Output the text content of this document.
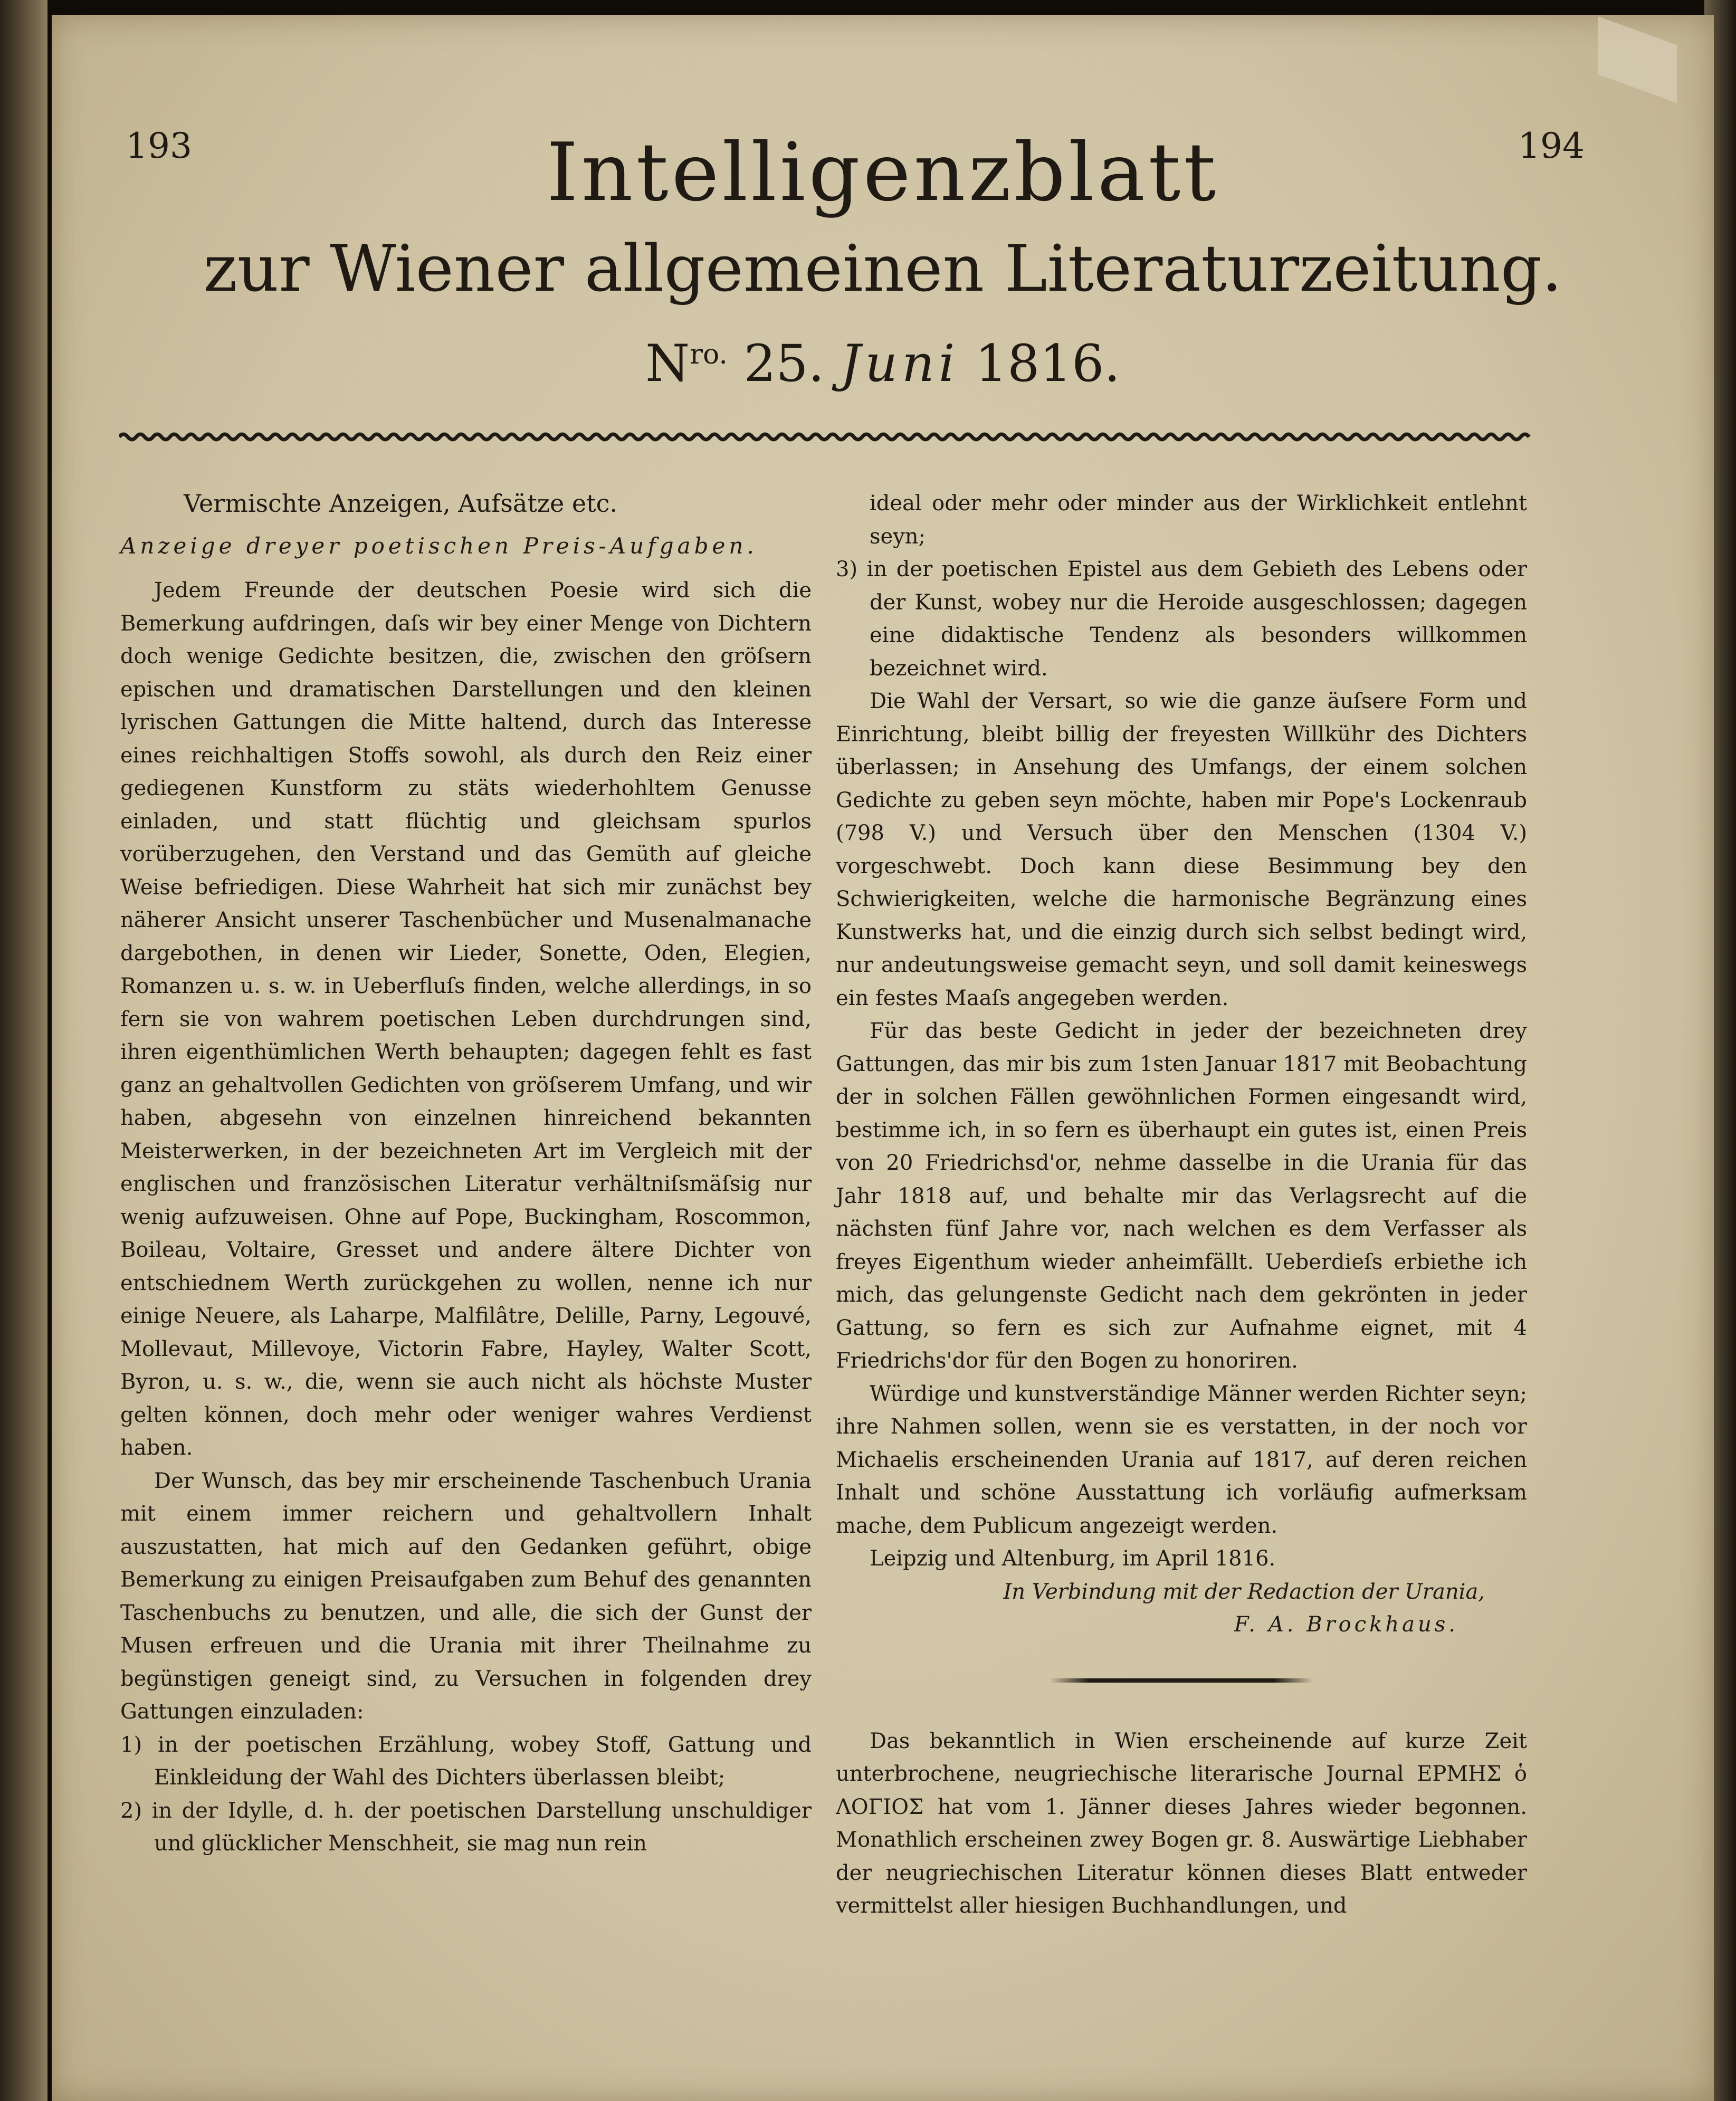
193	194
Intelligenzblatt
zur Wiener allgemeinen Literaturzeitung.
$N^{ro.}$ 25. Juni 1816.

Vermischte Anzeigen, Aufsätze etc.

Anzeige dreyer poetischen Preis-Aufgaben.

Jedem Freunde der deutschen Poesie wird sich die Bemerkung aufdringen, daſs wir bey einer Menge von Dichtern doch wenige Gedichte besitzen, die, zwischen den gröſsern epischen und dramatischen Darstellungen und den kleinen lyrischen Gattungen die Mitte haltend, durch das Interesse eines reichhaltigen Stoffs sowohl, als durch den Reiz einer gediegenen Kunstform zu stäts wiederhohltem Genusse einladen, und statt flüchtig und gleichsam spurlos vorüberzugehen, den Verstand und das Gemüth auf gleiche Weise befriedigen. Diese Wahrheit hat sich mir zunächst bey näherer Ansicht unserer Taschenbücher und Musenalmanache dargebothen, in denen wir Lieder, Sonette, Oden, Elegien, Romanzen u. s. w. in Ueberfluſs finden, welche allerdings, in so fern sie von wahrem poetischen Leben durchdrungen sind, ihren eigenthümlichen Werth behaupten; dagegen fehlt es fast ganz an gehaltvollen Gedichten von gröſserem Umfang, und wir haben, abgesehn von einzelnen hinreichend bekannten Meisterwerken, in der bezeichneten Art im Vergleich mit der englischen und französischen Literatur verhältniſsmäſsig nur wenig aufzuweisen. Ohne auf Pope, Buckingham, Roscommon, Boileau, Voltaire, Gresset und andere ältere Dichter von entschiednem Werth zurückgehen zu wollen, nenne ich nur einige Neuere, als Laharpe, Malfilâtre, Delille, Parny, Legouvé, Mollevaut, Millevoye, Victorin Fabre, Hayley, Walter Scott, Byron, u. s. w., die, wenn sie auch nicht als höchste Muster gelten können, doch mehr oder weniger wahres Verdienst haben.

Der Wunsch, das bey mir erscheinende Taschenbuch Urania mit einem immer reichern und gehaltvollern Inhalt auszustatten, hat mich auf den Gedanken geführt, obige Bemerkung zu einigen Preisaufgaben zum Behuf des genannten Taschenbuchs zu benutzen, und alle, die sich der Gunst der Musen erfreuen und die Urania mit ihrer Theilnahme zu begünstigen geneigt sind, zu Versuchen in folgenden drey Gattungen einzuladen:

1) in der poetischen Erzählung, wobey Stoff, Gattung und Einkleidung der Wahl des Dichters überlassen bleibt;

2) in der Idylle, d. h. der poetischen Darstellung unschuldiger und glücklicher Menschheit, sie mag nun rein

ideal oder mehr oder minder aus der Wirklichkeit entlehnt seyn;

3) in der poetischen Epistel aus dem Gebieth des Lebens oder der Kunst, wobey nur die Heroide ausgeschlossen; dagegen eine didaktische Tendenz als besonders willkommen bezeichnet wird.

Die Wahl der Versart, so wie die ganze äuſsere Form und Einrichtung, bleibt billig der freyesten Willkühr des Dichters überlassen; in Ansehung des Umfangs, der einem solchen Gedichte zu geben seyn möchte, haben mir Pope's Lockenraub (798 V.) und Versuch über den Menschen (1304 V.) vorgeschwebt. Doch kann diese Besimmung bey den Schwierigkeiten, welche die harmonische Begränzung eines Kunstwerks hat, und die einzig durch sich selbst bedingt wird, nur andeutungsweise gemacht seyn, und soll damit keineswegs ein festes Maaſs angegeben werden.

Für das beste Gedicht in jeder der bezeichneten drey Gattungen, das mir bis zum 1sten Januar 1817 mit Beobachtung der in solchen Fällen gewöhnlichen Formen eingesandt wird, bestimme ich, in so fern es überhaupt ein gutes ist, einen Preis von 20 Friedrichsd'or, nehme dasselbe in die Urania für das Jahr 1818 auf, und behalte mir das Verlagsrecht auf die nächsten fünf Jahre vor, nach welchen es dem Verfasser als freyes Eigenthum wieder anheimfällt. Ueberdieſs erbiethe ich mich, das gelungenste Gedicht nach dem gekrönten in jeder Gattung, so fern es sich zur Aufnahme eignet, mit 4 Friedrichs'dor für den Bogen zu honoriren.

Würdige und kunstverständige Männer werden Richter seyn; ihre Nahmen sollen, wenn sie es verstatten, in der noch vor Michaelis erscheinenden Urania auf 1817, auf deren reichen Inhalt und schöne Ausstattung ich vorläufig aufmerksam mache, dem Publicum angezeigt werden.

Leipzig und Altenburg, im April 1816.

In Verbindung mit der Redaction der Urania,

F. A. Brockhaus.

Das bekanntlich in Wien erscheinende auf kurze Zeit unterbrochene, neugriechische literarische Journal ΕΡΜΗΣ ὁ ΛΟΓΙΟΣ hat vom 1. Jänner dieses Jahres wieder begonnen. Monathlich erscheinen zwey Bogen gr. 8. Auswärtige Liebhaber der neugriechischen Literatur können dieses Blatt entweder vermittelst aller hiesigen Buchhandlungen, und
